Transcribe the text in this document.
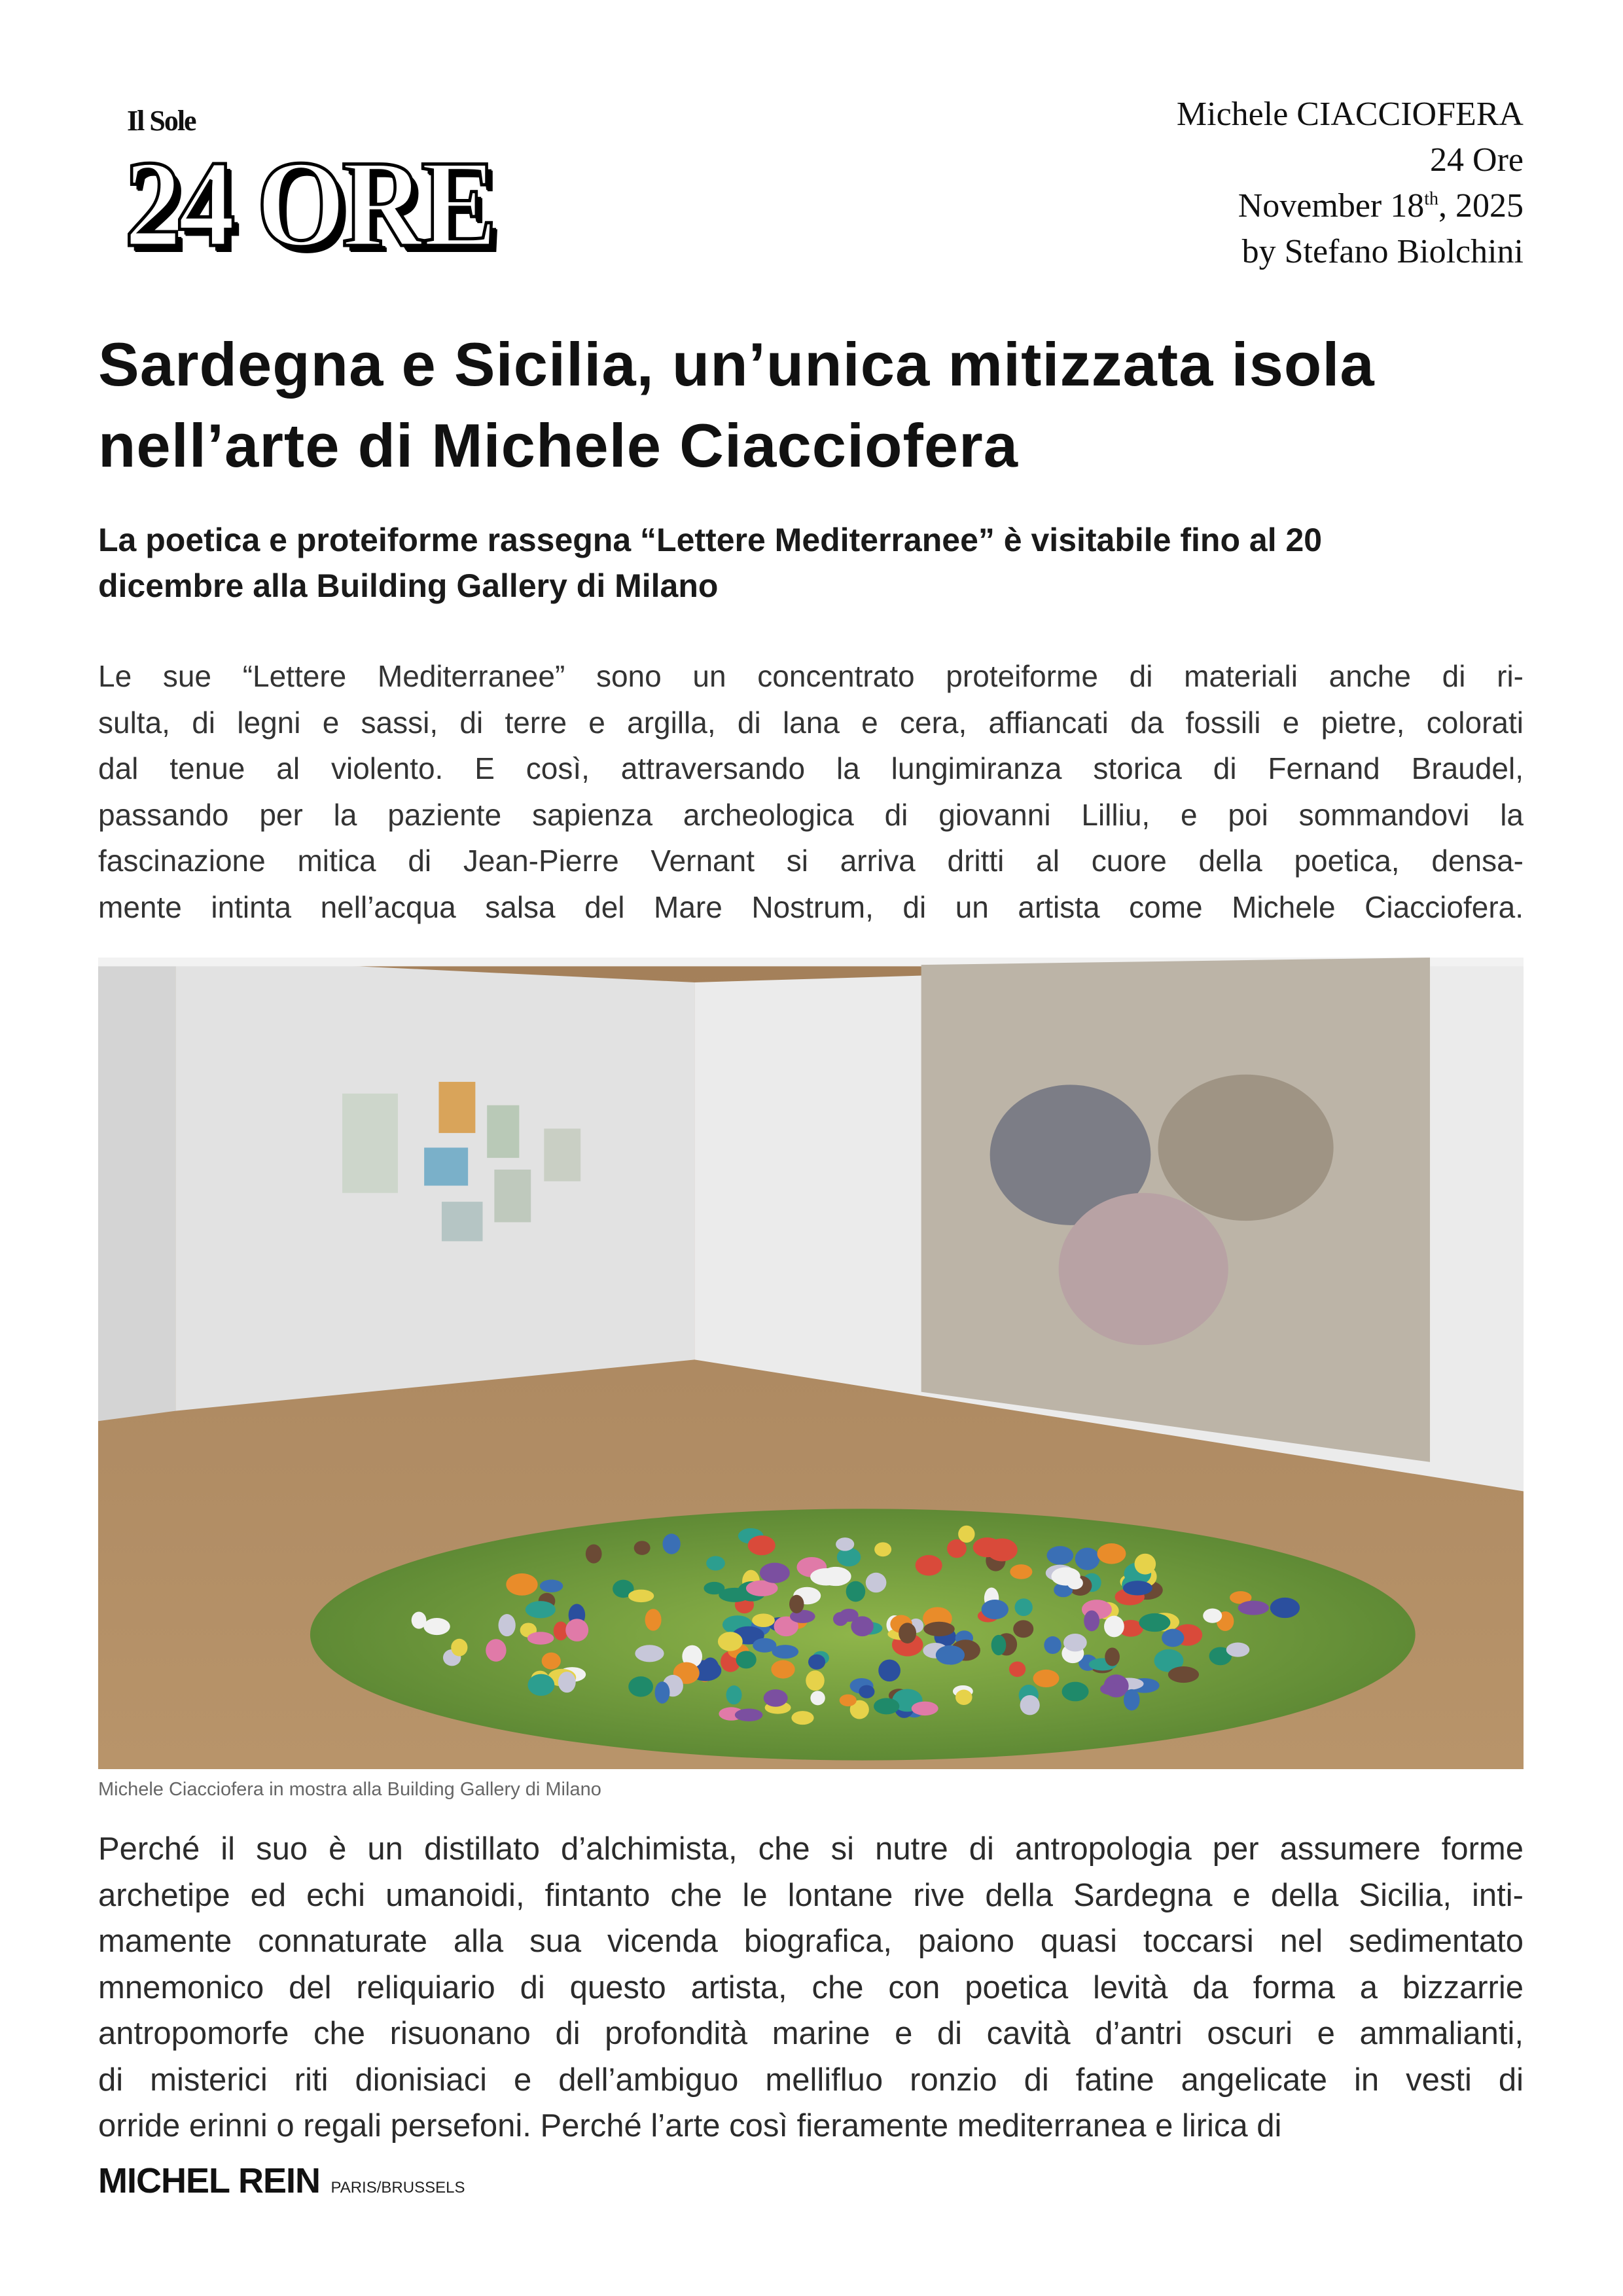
Il Sole
24 ORE
Michele CIACCIOFERA
24 Ore
November 18th, 2025
by Stefano Biolchini
Sardegna e Sicilia, un’unica mitizzata isola
nell’arte di Michele Ciacciofera
La poetica e proteiforme rassegna “Lettere Mediterranee” è visitabile fino al 20
dicembre alla Building Gallery di Milano
Le sue “Lettere Mediterranee” sono un concentrato proteiforme di materiali anche di ri-
sulta, di legni e sassi, di terre e argilla, di lana e cera, affiancati da fossili e pietre, colorati
dal tenue al violento. E così, attraversando la lungimiranza storica di Fernand Braudel,
passando per la paziente sapienza archeologica di giovanni Lilliu, e poi sommandovi la
fascinazione mitica di Jean-Pierre Vernant si arriva dritti al cuore della poetica, densa-
mente intinta nell’acqua salsa del Mare Nostrum, di un artista come Michele Ciacciofera.
Michele Ciacciofera in mostra alla Building Gallery di Milano
Perché il suo è un distillato d’alchimista, che si nutre di antropologia per assumere forme
archetipe ed echi umanoidi, fintanto che le lontane rive della Sardegna e della Sicilia, inti-
mamente connaturate alla sua vicenda biografica, paiono quasi toccarsi nel sedimentato
mnemonico del reliquiario di questo artista, che con poetica levità da forma a bizzarrie
antropomorfe che risuonano di profondità marine e di cavità d’antri oscuri e ammalianti,
di misterici riti dionisiaci e dell’ambiguo mellifluo ronzio di fatine angelicate in vesti di
orride erinni o regali persefoni. Perché l’arte così fieramente mediterranea e lirica di
MICHEL REIN PARIS/BRUSSELS
